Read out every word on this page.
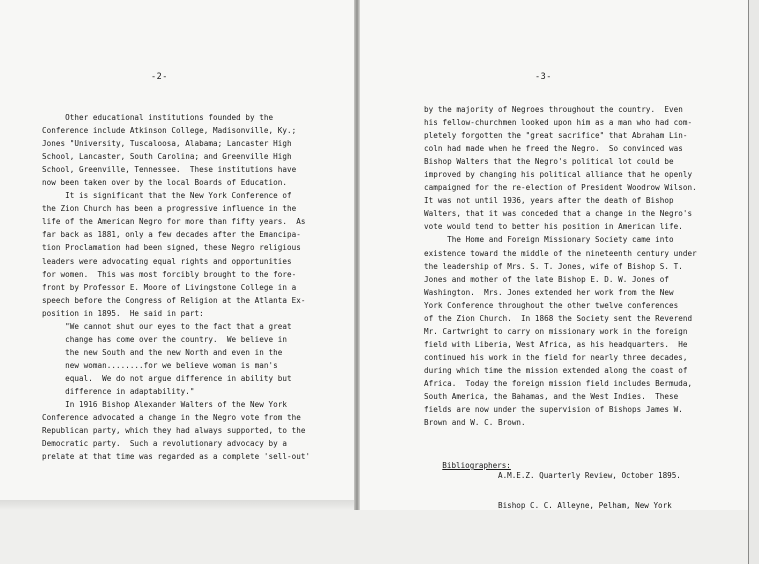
-2-	-3-
Other educational institutions founded by the
Conference include Atkinson College, Madisonville, Ky.;
Jones "University, Tuscaloosa, Alabama; Lancaster High
School, Lancaster, South Carolina; and Greenville High
School, Greenville, Tennessee.  These institutions have
now been taken over by the local Boards of Education.
It is significant that the New York Conference of
the Zion Church has been a progressive influence in the
life of the American Negro for more than fifty years.  As
far back as 1881, only a few decades after the Emancipa-
tion Proclamation had been signed, these Negro religious
leaders were advocating equal rights and opportunities
for women.  This was most forcibly brought to the fore-
front by Professor E. Moore of Livingstone College in a
speech before the Congress of Religion at the Atlanta Ex-
position in 1895.  He said in part:
"We cannot shut our eyes to the fact that a great
change has come over the country.  We believe in
the new South and the new North and even in the
new woman........for we believe woman is man's
equal.  We do not argue difference in ability but
difference in adaptability."
In 1916 Bishop Alexander Walters of the New York
Conference advocated a change in the Negro vote from the
Republican party, which they had always supported, to the
Democratic party.  Such a revolutionary advocacy by a
prelate at that time was regarded as a complete 'sell-out'
by the majority of Negroes throughout the country.  Even
his fellow-churchmen looked upon him as a man who had com-
pletely forgotten the "great sacrifice" that Abraham Lin-
coln had made when he freed the Negro.  So convinced was
Bishop Walters that the Negro's political lot could be
improved by changing his political alliance that he openly
campaigned for the re-election of President Woodrow Wilson.
It was not until 1936, years after the death of Bishop
Walters, that it was conceded that a change in the Negro's
vote would tend to better his position in American life.
The Home and Foreign Missionary Society came into
existence toward the middle of the nineteenth century under
the leadership of Mrs. S. T. Jones, wife of Bishop S. T.
Jones and mother of the late Bishop E. D. W. Jones of
Washington.  Mrs. Jones extended her work from the New
York Conference throughout the other twelve conferences
of the Zion Church.  In 1868 the Society sent the Reverend
Mr. Cartwright to carry on missionary work in the foreign
field with Liberia, West Africa, as his headquarters.  He
continued his work in the field for nearly three decades,
during which time the mission extended along the coast of
Africa.  Today the foreign mission field includes Bermuda,
South America, the Bahamas, and the West Indies.  These
fields are now under the supervision of Bishops James W.
Brown and W. C. Brown.

Bibliographers:

A.M.E.Z. Quarterly Review, October 1895.

Bishop C. C. Alleyne, Pelham, New York
